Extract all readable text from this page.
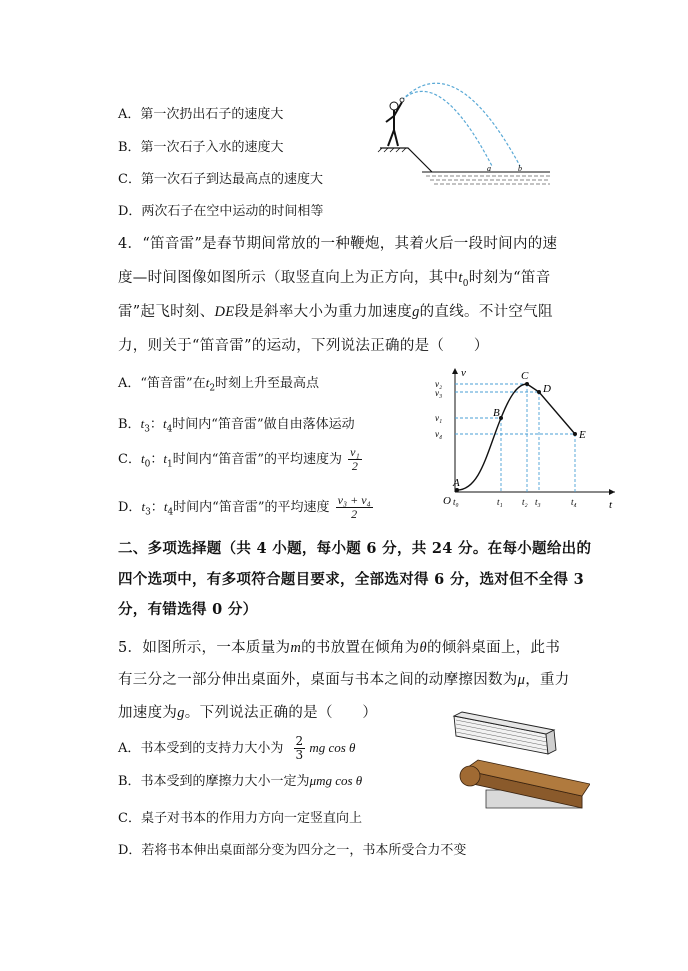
A．第一次扔出石子的速度大
B．第一次石子入水的速度大
C．第一次石子到达最高点的速度大
D．两次石子在空中运动的时间相等
a	b
4．“笛音雷”是春节期间常放的一种鞭炮，其着火后一段时间内的速
度—时间图像如图所示（取竖直向上为正方向，其中$t_0$时刻为“笛音
雷”起飞时刻、DE段是斜率大小为重力加速度g的直线。不计空气阻
力，则关于“笛音雷”的运动，下列说法正确的是（　　）
A．“笛音雷”在$t_2$时刻上升至最高点
B．$t_3$：$t_4$时间内“笛音雷”做自由落体运动
C．$t_0$：$t_1$时间内“笛音雷”的平均速度为 $\frac{\text{v₁}}{2}$
D．$t_3$：$t_4$时间内“笛音雷”的平均速度 $\frac{\text{v₃ + v₄}}{2}$
v
t
O
A
B
C
D
E
v₂
v₃
v₁
v₄
t₀	t₁ t₂ t₃	t₄
二、多项选择题（共 4 小题，每小题 6 分，共 24 分。在每小题给出的
四个选项中，有多项符合题目要求，全部选对得 6 分，选对但不全得 3
分，有错选得 0 分）
5．如图所示，一本质量为m的书放置在倾角为θ的倾斜桌面上，此书
有三分之一部分伸出桌面外，桌面与书本之间的动摩擦因数为μ，重力
加速度为g。下列说法正确的是（　　）
A．书本受到的支持力大小为 $\frac{2}{3}$ mg cos θ
B．书本受到的摩擦力大小一定为μmg cos θ
C．桌子对书本的作用力方向一定竖直向上
D．若将书本伸出桌面部分变为四分之一，书本所受合力不变
